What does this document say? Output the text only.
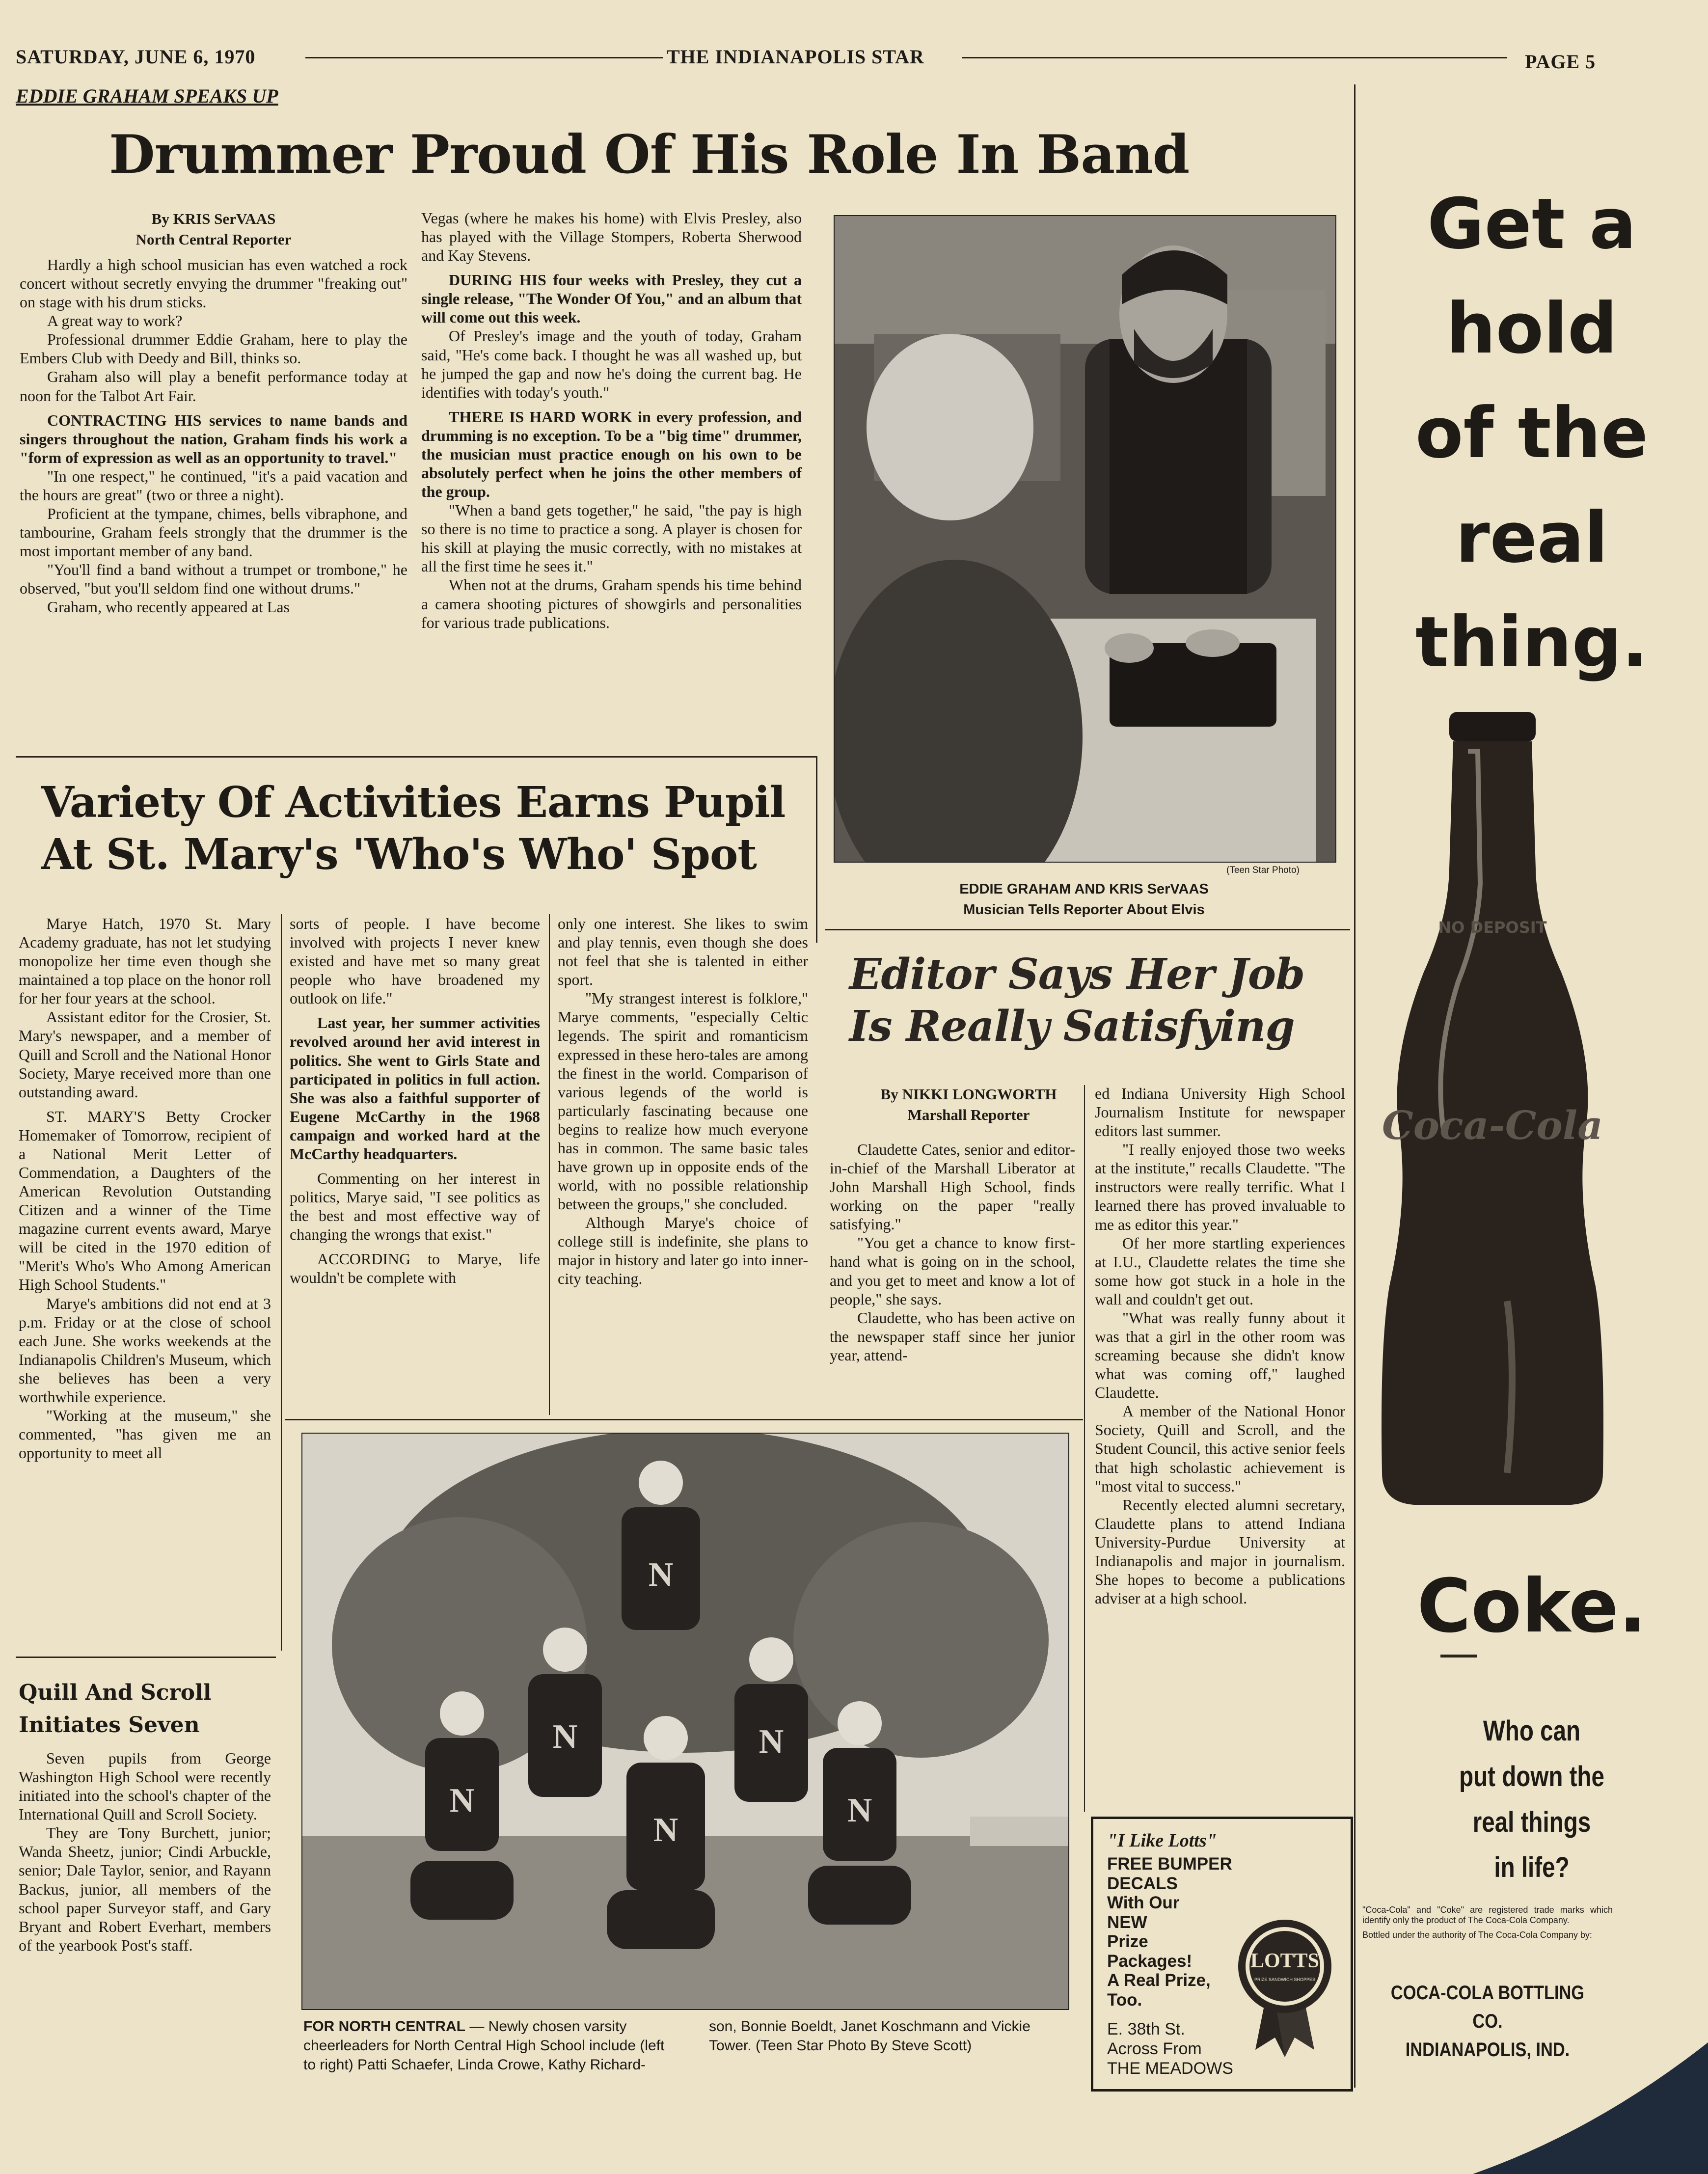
SATURDAY, JUNE 6, 1970	THE INDIANAPOLIS STAR	PAGE 5
EDDIE GRAHAM SPEAKS UP
Drummer Proud Of His Role In Band
By KRIS SerVAAS
North Central Reporter

Hardly a high school musician has even watched a rock concert without secretly envying the drummer "freaking out" on stage with his drum sticks.

A great way to work?

Professional drummer Eddie Graham, here to play the Embers Club with Deedy and Bill, thinks so.

Graham also will play a benefit performance today at noon for the Talbot Art Fair.

CONTRACTING HIS services to name bands and singers throughout the nation, Graham finds his work a "form of expression as well as an opportunity to travel."

"In one respect," he continued, "it's a paid vacation and the hours are great" (two or three a night).

Proficient at the tympane, chimes, bells vibraphone, and tambourine, Graham feels strongly that the drummer is the most important member of any band.

"You'll find a band without a trumpet or trombone," he observed, "but you'll seldom find one without drums."

Graham, who recently appeared at Las

Vegas (where he makes his home) with Elvis Presley, also has played with the Village Stompers, Roberta Sherwood and Kay Stevens.

DURING HIS four weeks with Presley, they cut a single release, "The Wonder Of You," and an album that will come out this week.

Of Presley's image and the youth of today, Graham said, "He's come back. I thought he was all washed up, but he jumped the gap and now he's doing the current bag. He identifies with today's youth."

THERE IS HARD WORK in every profession, and drumming is no exception. To be a "big time" drummer, the musician must practice enough on his own to be absolutely perfect when he joins the other members of the group.

"When a band gets together," he said, "the pay is high so there is no time to practice a song. A player is chosen for his skill at playing the music correctly, with no mistakes at all the first time he sees it."

When not at the drums, Graham spends his time behind a camera shooting pictures of showgirls and personalities for various trade publications.

(Teen Star Photo)
EDDIE GRAHAM AND KRIS SerVAAS
Musician Tells Reporter About Elvis
Variety Of Activities Earns Pupil
At St. Mary's 'Who's Who' Spot

Marye Hatch, 1970 St. Mary Academy graduate, has not let studying monopolize her time even though she maintained a top place on the honor roll for her four years at the school.

Assistant editor for the Crosier, St. Mary's newspaper, and a member of Quill and Scroll and the National Honor Society, Marye received more than one outstanding award.

ST. MARY'S Betty Crocker Homemaker of Tomorrow, recipient of a National Merit Letter of Commendation, a Daughters of the American Revolution Outstanding Citizen and a winner of the Time magazine current events award, Marye will be cited in the 1970 edition of "Merit's Who's Who Among American High School Students."

Marye's ambitions did not end at 3 p.m. Friday or at the close of school each June. She works weekends at the Indianapolis Children's Museum, which she believes has been a very worthwhile experience.

"Working at the museum," she commented, "has given me an opportunity to meet all

sorts of people. I have become involved with projects I never knew existed and have met so many great people who have broadened my outlook on life."

Last year, her summer activities revolved around her avid interest in politics. She went to Girls State and participated in politics in full action. She was also a faithful supporter of Eugene McCarthy in the 1968 campaign and worked hard at the McCarthy headquarters.

Commenting on her interest in politics, Marye said, "I see politics as the best and most effective way of changing the wrongs that exist."

ACCORDING to Marye, life wouldn't be complete with

only one interest. She likes to swim and play tennis, even though she does not feel that she is talented in either sport.

"My strangest interest is folklore," Marye comments, "especially Celtic legends. The spirit and romanticism expressed in these hero-tales are among the finest in the world. Comparison of various legends of the world is particularly fascinating because one begins to realize how much everyone has in common. The same basic tales have grown up in opposite ends of the world, with no possible relationship between the groups," she concluded.

Although Marye's choice of college still is indefinite, she plans to major in history and later go into inner-city teaching.

Quill And Scroll
Initiates Seven

Seven pupils from George Washington High School were recently initiated into the school's chapter of the International Quill and Scroll Society.

They are Tony Burchett, junior; Wanda Sheetz, junior; Cindi Arbuckle, senior; Dale Taylor, senior, and Rayann Backus, junior, all members of the school paper Surveyor staff, and Gary Bryant and Robert Everhart, members of the yearbook Post's staff.

N
N
N
N
N
N
FOR NORTH CENTRAL — Newly chosen varsity cheerleaders for North Central High School include (left to right) Patti Schaefer, Linda Crowe, Kathy Richard-
son, Bonnie Boeldt, Janet Koschmann and Vickie Tower. (Teen Star Photo By Steve Scott)
Editor Says Her Job
Is Really Satisfying
By NIKKI LONGWORTH
Marshall Reporter

Claudette Cates, senior and editor-in-chief of the Marshall Liberator at John Marshall High School, finds working on the paper "really satisfying."

"You get a chance to know first-hand what is going on in the school, and you get to meet and know a lot of people," she says.

Claudette, who has been active on the newspaper staff since her junior year, attend-

ed Indiana University High School Journalism Institute for newspaper editors last summer.

"I really enjoyed those two weeks at the institute," recalls Claudette. "The instructors were really terrific. What I learned there has proved invaluable to me as editor this year."

Of her more startling experiences at I.U., Claudette relates the time she some how got stuck in a hole in the wall and couldn't get out.

"What was really funny about it was that a girl in the other room was screaming because she didn't know what was coming off," laughed Claudette.

A member of the National Honor Society, Quill and Scroll, and the Student Council, this active senior feels that high scholastic achievement is "most vital to success."

Recently elected alumni secretary, Claudette plans to attend Indiana University-Purdue University at Indianapolis and major in journalism. She hopes to become a publications adviser at a high school.

"I Like Lotts"
FREE BUMPER
DECALS
With Our
NEW
Prize
Packages!
A Real Prize,
Too.
E. 38th St.
Across From
THE MEADOWS
LOTTS
PRIZE SANDWICH SHOPPES
Get a
hold
of the
real
thing.
NO DEPOSIT
Coca-Cola
Coke.
Who can
put down the
real things
in life?
"Coca-Cola" and "Coke" are registered trade marks which identify only the product of The Coca-Cola Company.
Bottled under the authority of The Coca-Cola Company by:
COCA-COLA BOTTLING CO.
INDIANAPOLIS, IND.
